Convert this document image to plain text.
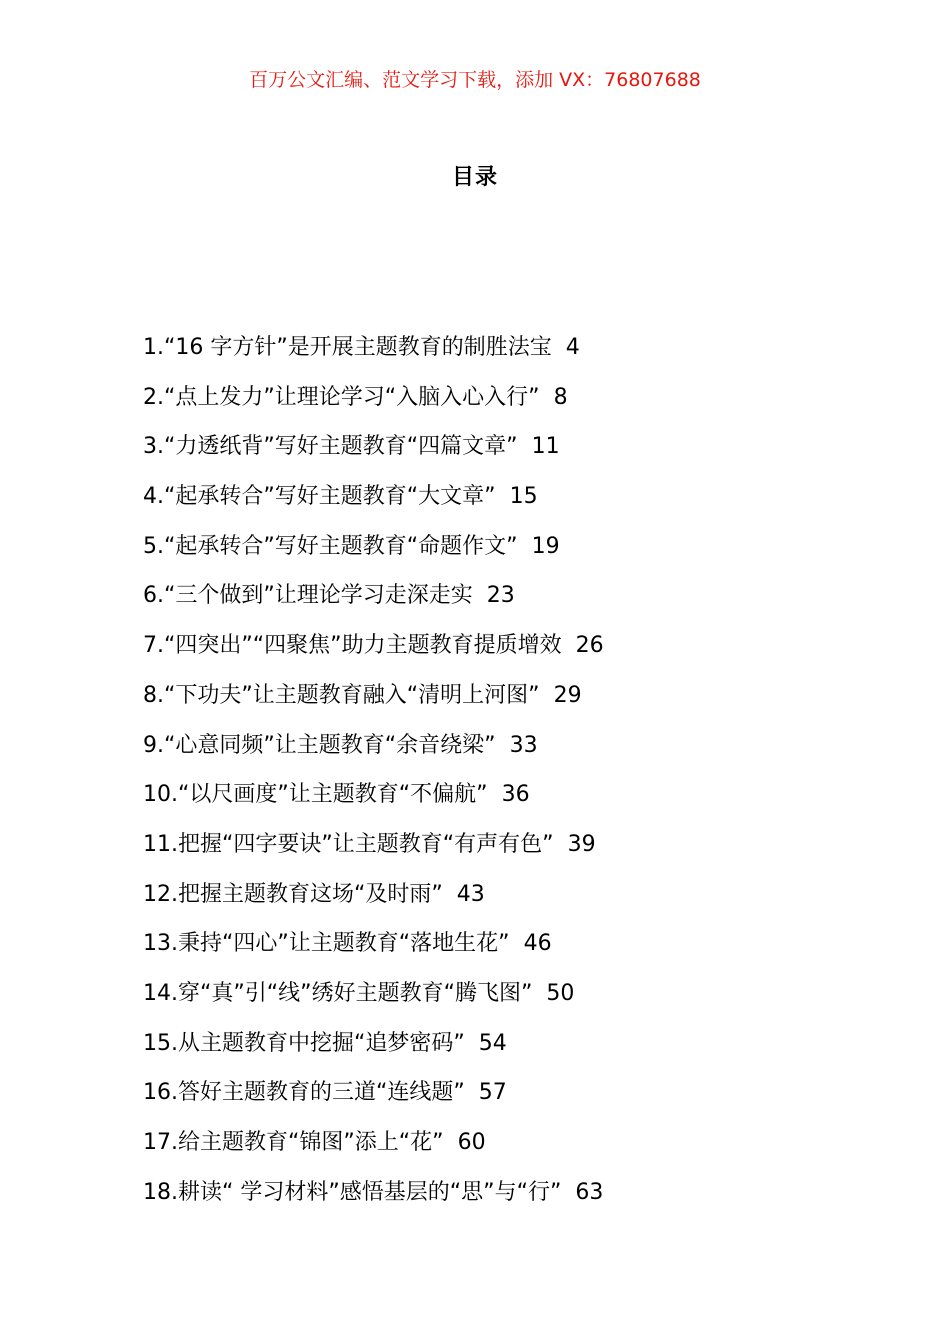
百万公文汇编、范文学习下载，添加 VX：76807688
目录
1.“16 字方针”是开展主题教育的制胜法宝 4
2.“点上发力”让理论学习“入脑入心入行” 8
3.“力透纸背”写好主题教育“四篇文章” 11
4.“起承转合”写好主题教育“大文章” 15
5.“起承转合”写好主题教育“命题作文” 19
6.“三个做到”让理论学习走深走实 23
7.“四突出”“四聚焦”助力主题教育提质增效 26
8.“下功夫”让主题教育融入“清明上河图” 29
9.“心意同频”让主题教育“余音绕梁” 33
10.“以尺画度”让主题教育“不偏航” 36
11.把握“四字要诀”让主题教育“有声有色” 39
12.把握主题教育这场“及时雨” 43
13.秉持“四心”让主题教育“落地生花” 46
14.穿“真”引“线”绣好主题教育“腾飞图” 50
15.从主题教育中挖掘“追梦密码” 54
16.答好主题教育的三道“连线题” 57
17.给主题教育“锦图”添上“花” 60
18.耕读“ 学习材料”感悟基层的“思”与“行” 63
